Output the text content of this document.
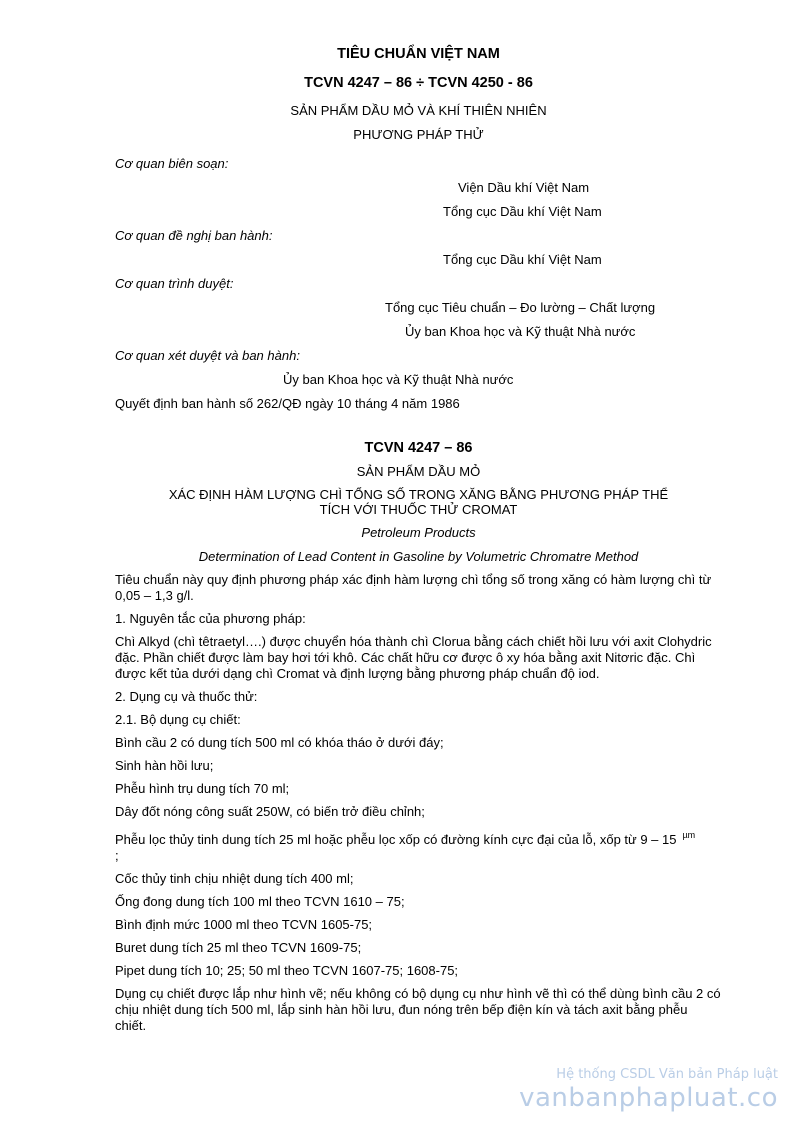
TIÊU CHUẨN VIỆT NAM
TCVN 4247 – 86 ÷ TCVN 4250 - 86
SẢN PHẨM DẦU MỎ VÀ KHÍ THIÊN NHIÊN
PHƯƠNG PHÁP THỬ
Cơ quan biên soạn:
Viện Dầu khí Việt Nam
Tổng cục Dầu khí Việt Nam
Cơ quan đề nghị ban hành:
Tổng cục Dầu khí Việt Nam
Cơ quan trình duyệt:
Tổng cục Tiêu chuẩn – Đo lường – Chất lượng
Ủy ban Khoa học và Kỹ thuật Nhà nước
Cơ quan xét duyệt và ban hành:
Ủy ban Khoa học và Kỹ thuật Nhà nước
Quyết định ban hành số 262/QĐ ngày 10 tháng 4 năm 1986
TCVN 4247 – 86
SẢN PHẨM DẦU MỎ
XÁC ĐỊNH HÀM LƯỢNG CHÌ TỔNG SỐ TRONG XĂNG BẰNG PHƯƠNG PHÁP THỂ TÍCH VỚI THUỐC THỬ CROMAT
Petroleum Products
Determination of Lead Content in Gasoline by Volumetric Chromatre Method
Tiêu chuẩn này quy định phương pháp xác định hàm lượng chì tổng số trong xăng có hàm lượng chì từ 0,05 – 1,3 g/l.
1. Nguyên tắc của phương pháp:
Chì Alkyd (chì têtraetyl….) được chuyển hóa thành chì Clorua bằng cách chiết hồi lưu với axit Clohydric đặc. Phần chiết được làm bay hơi tới khô. Các chất hữu cơ được ô xy hóa bằng axit Nitơric đặc. Chì được kết tủa dưới dạng chì Cromat và định lượng bằng phương pháp chuẩn độ iod.
2. Dụng cụ và thuốc thử:
2.1. Bộ dụng cụ chiết:
Bình cầu 2 có dung tích 500 ml có khóa tháo ở dưới đáy;
Sinh hàn hồi lưu;
Phễu hình trụ dung tích 70 ml;
Dây đốt nóng công suất 250W, có biến trở điều chỉnh;
Phễu lọc thủy tinh dung tích 25 ml hoặc phễu lọc xốp có đường kính cực đại của lỗ, xốp từ 9 – 15 $^{\mu m}$
;
Cốc thủy tinh chịu nhiệt dung tích 400 ml;
Ống đong dung tích 100 ml theo TCVN 1610 – 75;
Bình định mức 1000 ml theo TCVN 1605-75;
Buret dung tích 25 ml theo TCVN 1609-75;
Pipet dung tích 10; 25; 50 ml theo TCVN 1607-75; 1608-75;
Dụng cụ chiết được lắp như hình vẽ; nếu không có bộ dụng cụ như hình vẽ thì có thể dùng bình cầu 2 có chịu nhiệt dung tích 500 ml, lắp sinh hàn hồi lưu, đun nóng trên bếp điện kín và tách axit bằng phễu chiết.
Hệ thống CSDL Văn bản Pháp luật
vanbanphapluat.co
